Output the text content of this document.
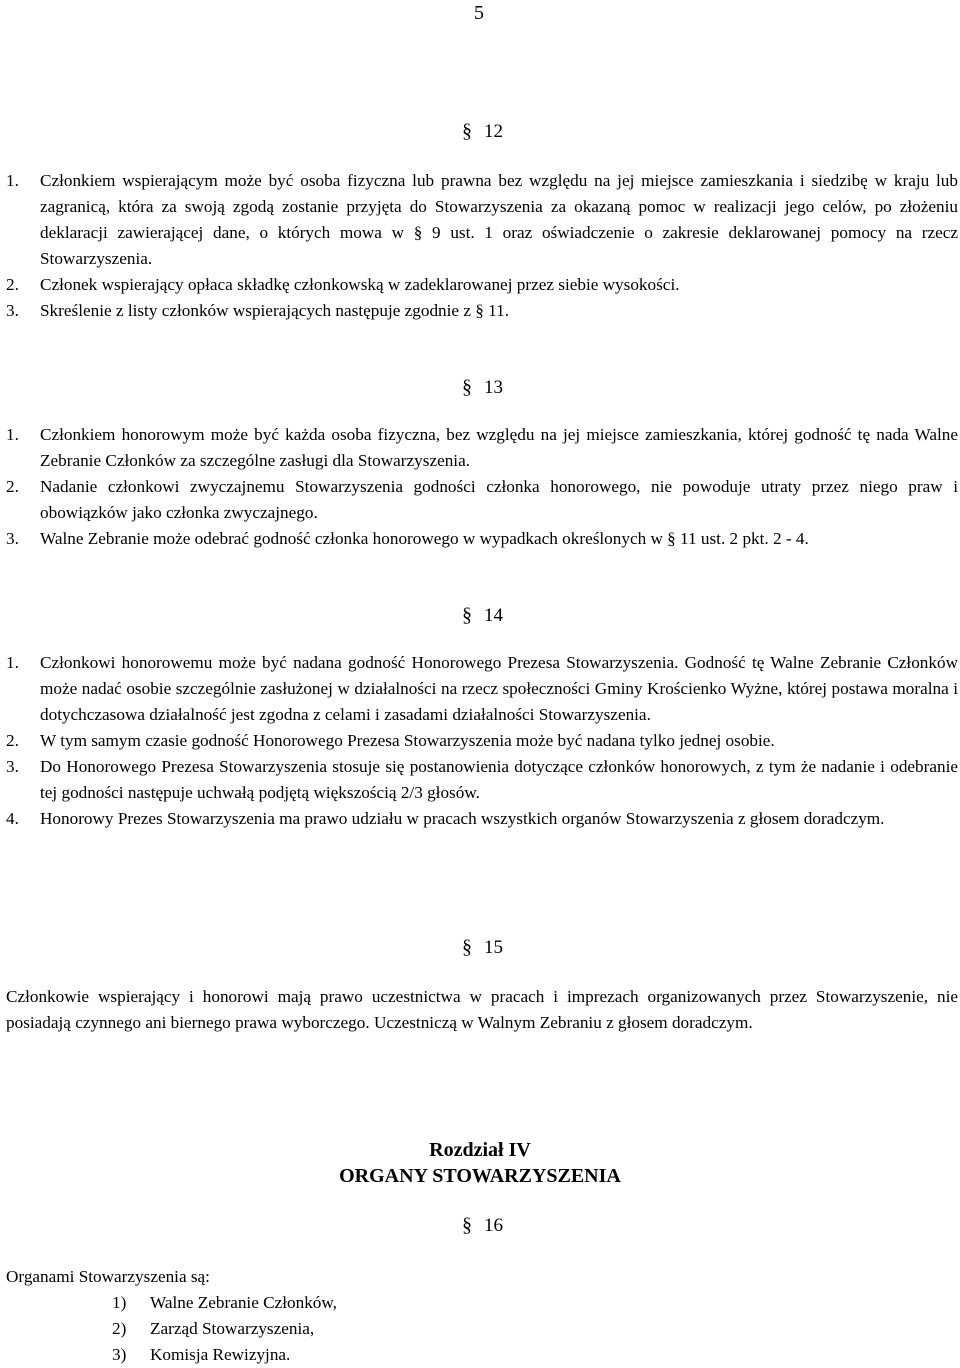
5
§ 12
1. Członkiem wspierającym może być osoba fizyczna lub prawna bez względu na jej miejsce zamieszkania i siedzibę w kraju lub zagranicą, która za swoją zgodą zostanie przyjęta do Stowarzyszenia za okazaną pomoc w realizacji jego celów, po złożeniu deklaracji zawierającej dane, o których mowa w § 9 ust. 1 oraz oświadczenie o zakresie deklarowanej pomocy na rzecz Stowarzyszenia.
2. Członek wspierający opłaca składkę członkowską w zadeklarowanej przez siebie wysokości.
3. Skreślenie z listy członków wspierających następuje zgodnie z § 11.
§ 13
1. Członkiem honorowym może być każda osoba fizyczna, bez względu na jej miejsce zamieszkania, której godność tę nada Walne Zebranie Członków za szczególne zasługi dla Stowarzyszenia.
2. Nadanie członkowi zwyczajnemu Stowarzyszenia godności członka honorowego, nie powoduje utraty przez niego praw i obowiązków jako członka zwyczajnego.
3. Walne Zebranie może odebrać godność członka honorowego w wypadkach określonych w § 11 ust. 2 pkt. 2 - 4.
§ 14
1. Członkowi honorowemu może być nadana godność Honorowego Prezesa Stowarzyszenia. Godność tę Walne Zebranie Członków może nadać osobie szczególnie zasłużonej w działalności na rzecz społeczności Gminy Krościenko Wyżne, której postawa moralna i dotychczasowa działalność jest zgodna z celami i zasadami działalności Stowarzyszenia.
2. W tym samym czasie godność Honorowego Prezesa Stowarzyszenia może być nadana tylko jednej osobie.
3. Do Honorowego Prezesa Stowarzyszenia stosuje się postanowienia dotyczące członków honorowych, z tym że nadanie i odebranie tej godności następuje uchwałą podjętą większością 2/3 głosów.
4. Honorowy Prezes Stowarzyszenia ma prawo udziału w pracach wszystkich organów Stowarzyszenia z głosem doradczym.
§ 15

Członkowie wspierający i honorowi mają prawo uczestnictwa w pracach i imprezach organizowanych przez Stowarzyszenie, nie posiadają czynnego ani biernego prawa wyborczego. Uczestniczą w Walnym Zebraniu z głosem doradczym.

Rozdział IV
ORGANY STOWARZYSZENIA
§ 16

Organami Stowarzyszenia są:

1) Walne Zebranie Członków,
2) Zarząd Stowarzyszenia,
3) Komisja Rewizyjna.
